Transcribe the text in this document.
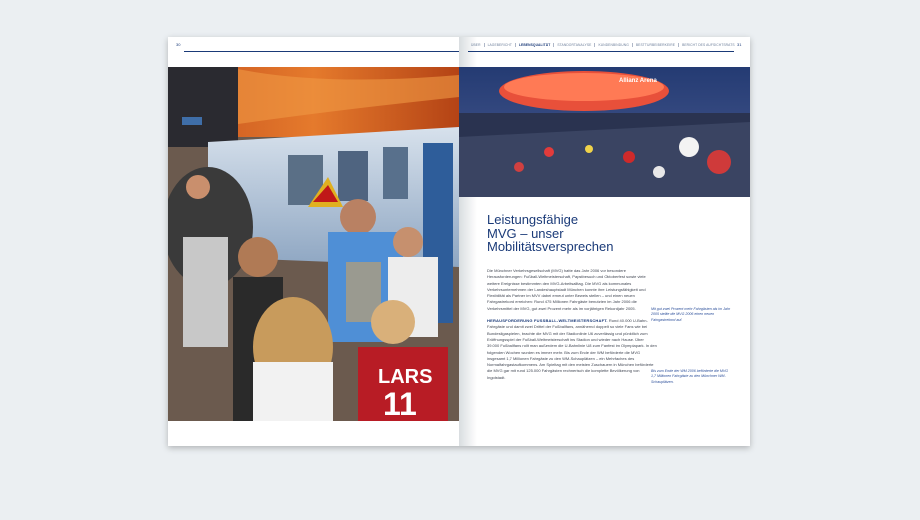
30	31
ÜBER	LAGEBERICHT	LEBENSQUALITÄT	STANDORTANALYSE	KUNDENBINDUNG	BESTTURBEIBERKEIRE	BERICHT DES AUFSICHTSRATS
LARS
11
Allianz Arena
Leistungsfähige
MVG – unser
Mobilitätsversprechen

Die Münchner Verkehrsgesellschaft (MVG) hatte das Jahr 2006 vor besondere Herausforderungen: Fußball-Weltmeisterschaft, Papstbesuch und Oktoberfest sowie viele weitere Ereignisse bestimmten den MVG-Arbeitsalltag. Die MVG als kommunales Verkehrsunternehmen der Landeshauptstadt München konnte ihre Leistungsfähigkeit und Flexibilität als Partner im MVV dabei erneut unter Beweis stellen – und einen neuen Fahrgastrekord erreichen: Rund 475 Millionen Fahrgäste benutzten im Jahr 2006 die Verkehrsmittel der MVG, gut zwei Prozent mehr als im vorjährigen Rekordjahr 2005.

HERAUSFORDERUNG FUSSBALL-WELTMEISTERSCHAFT. Rund 40.000 U-Bahn-Fahrgäste und damit zwei Drittel der Fußballfans, annähernd doppelt so viele Fans wie bei Bundesligaspielen, brachte die MVG mit der Stadionlinie U6 zuverlässig und pünktlich zum Eröffnungsspiel der Fußball-Weltmeisterschaft ins Stadion und wieder nach Hause. Über 39.000 Fußballfans rollt man außerdem die U-Bahnlinie U8 zum Fanfest im Olympiapark. In den folgenden Wochen wurden es immer mehr. Bis zum Ende der WM beförderte die MVG insgesamt 1,7 Millionen Fahrgäste zu den WM-Schauplätzen – ein Mehrfaches des Normalfahrgastaufkommens. Am Spieltag mit den meisten Zuschauern in München beförderte die MVG gar mit rund 125.000 Fahrgästen rechnerisch die komplette Bevölkerung von Ingolstadt.

Mit gut zwei Prozent mehr Fahrgästen als im Jahr 2005 stellte die MVG 2006 einen neuen Fahrgastrekord auf.
Bis zum Ende der WM 2006 beförderte die MVG 1,7 Millionen Fahrgäste zu den Münchner WM-Schauplätzen.
